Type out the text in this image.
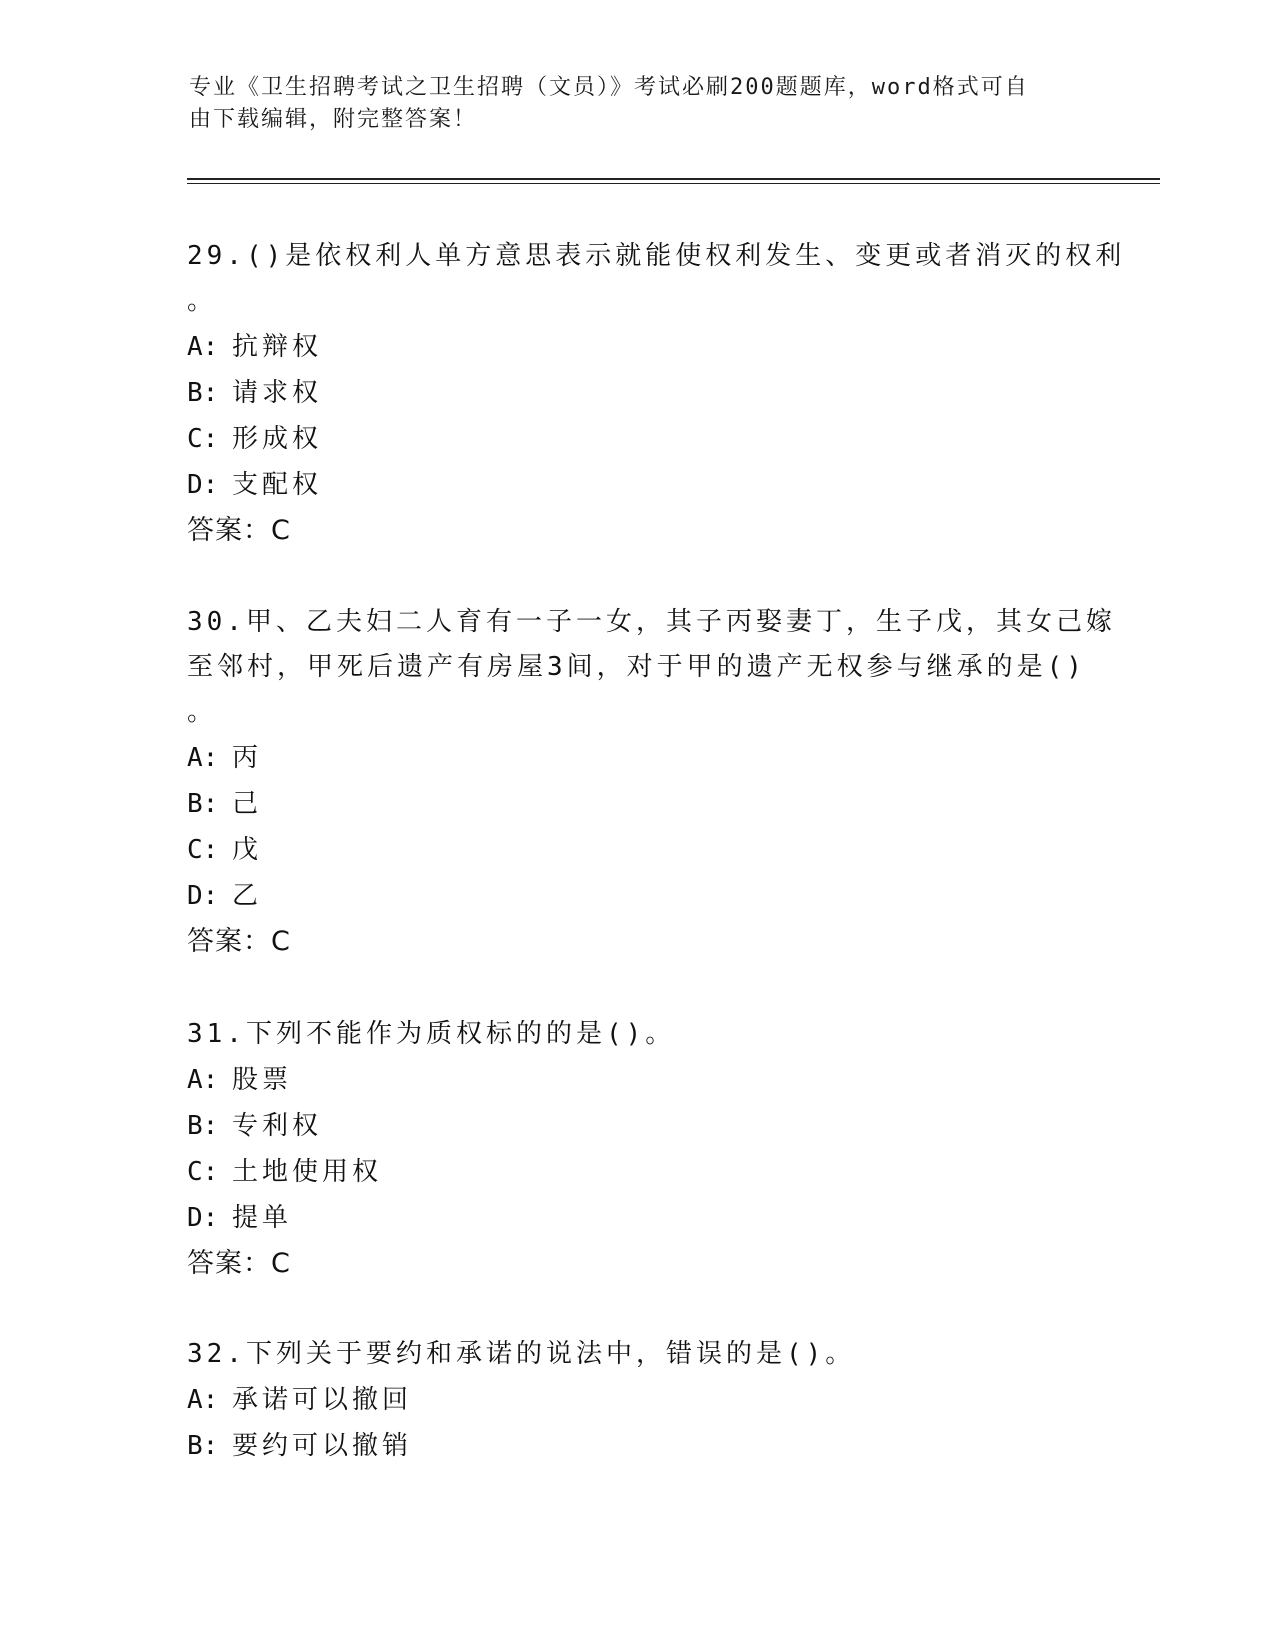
专业《卫生招聘考试之卫生招聘（文员）》考试必刷200题题库，word格式可自
由下载编辑，附完整答案！

29.()是依权利人单方意思表示就能使权利发生、变更或者消灭的权利

。

A: 抗辩权

B: 请求权

C: 形成权

D: 支配权

答案：C

30.甲、乙夫妇二人育有一子一女，其子丙娶妻丁，生子戊，其女己嫁

至邻村，甲死后遗产有房屋3间，对于甲的遗产无权参与继承的是()

。

A: 丙

B: 己

C: 戊

D: 乙

答案：C

31.下列不能作为质权标的的是()。

A: 股票

B: 专利权

C: 土地使用权

D: 提单

答案：C

32.下列关于要约和承诺的说法中，错误的是()。

A: 承诺可以撤回

B: 要约可以撤销
